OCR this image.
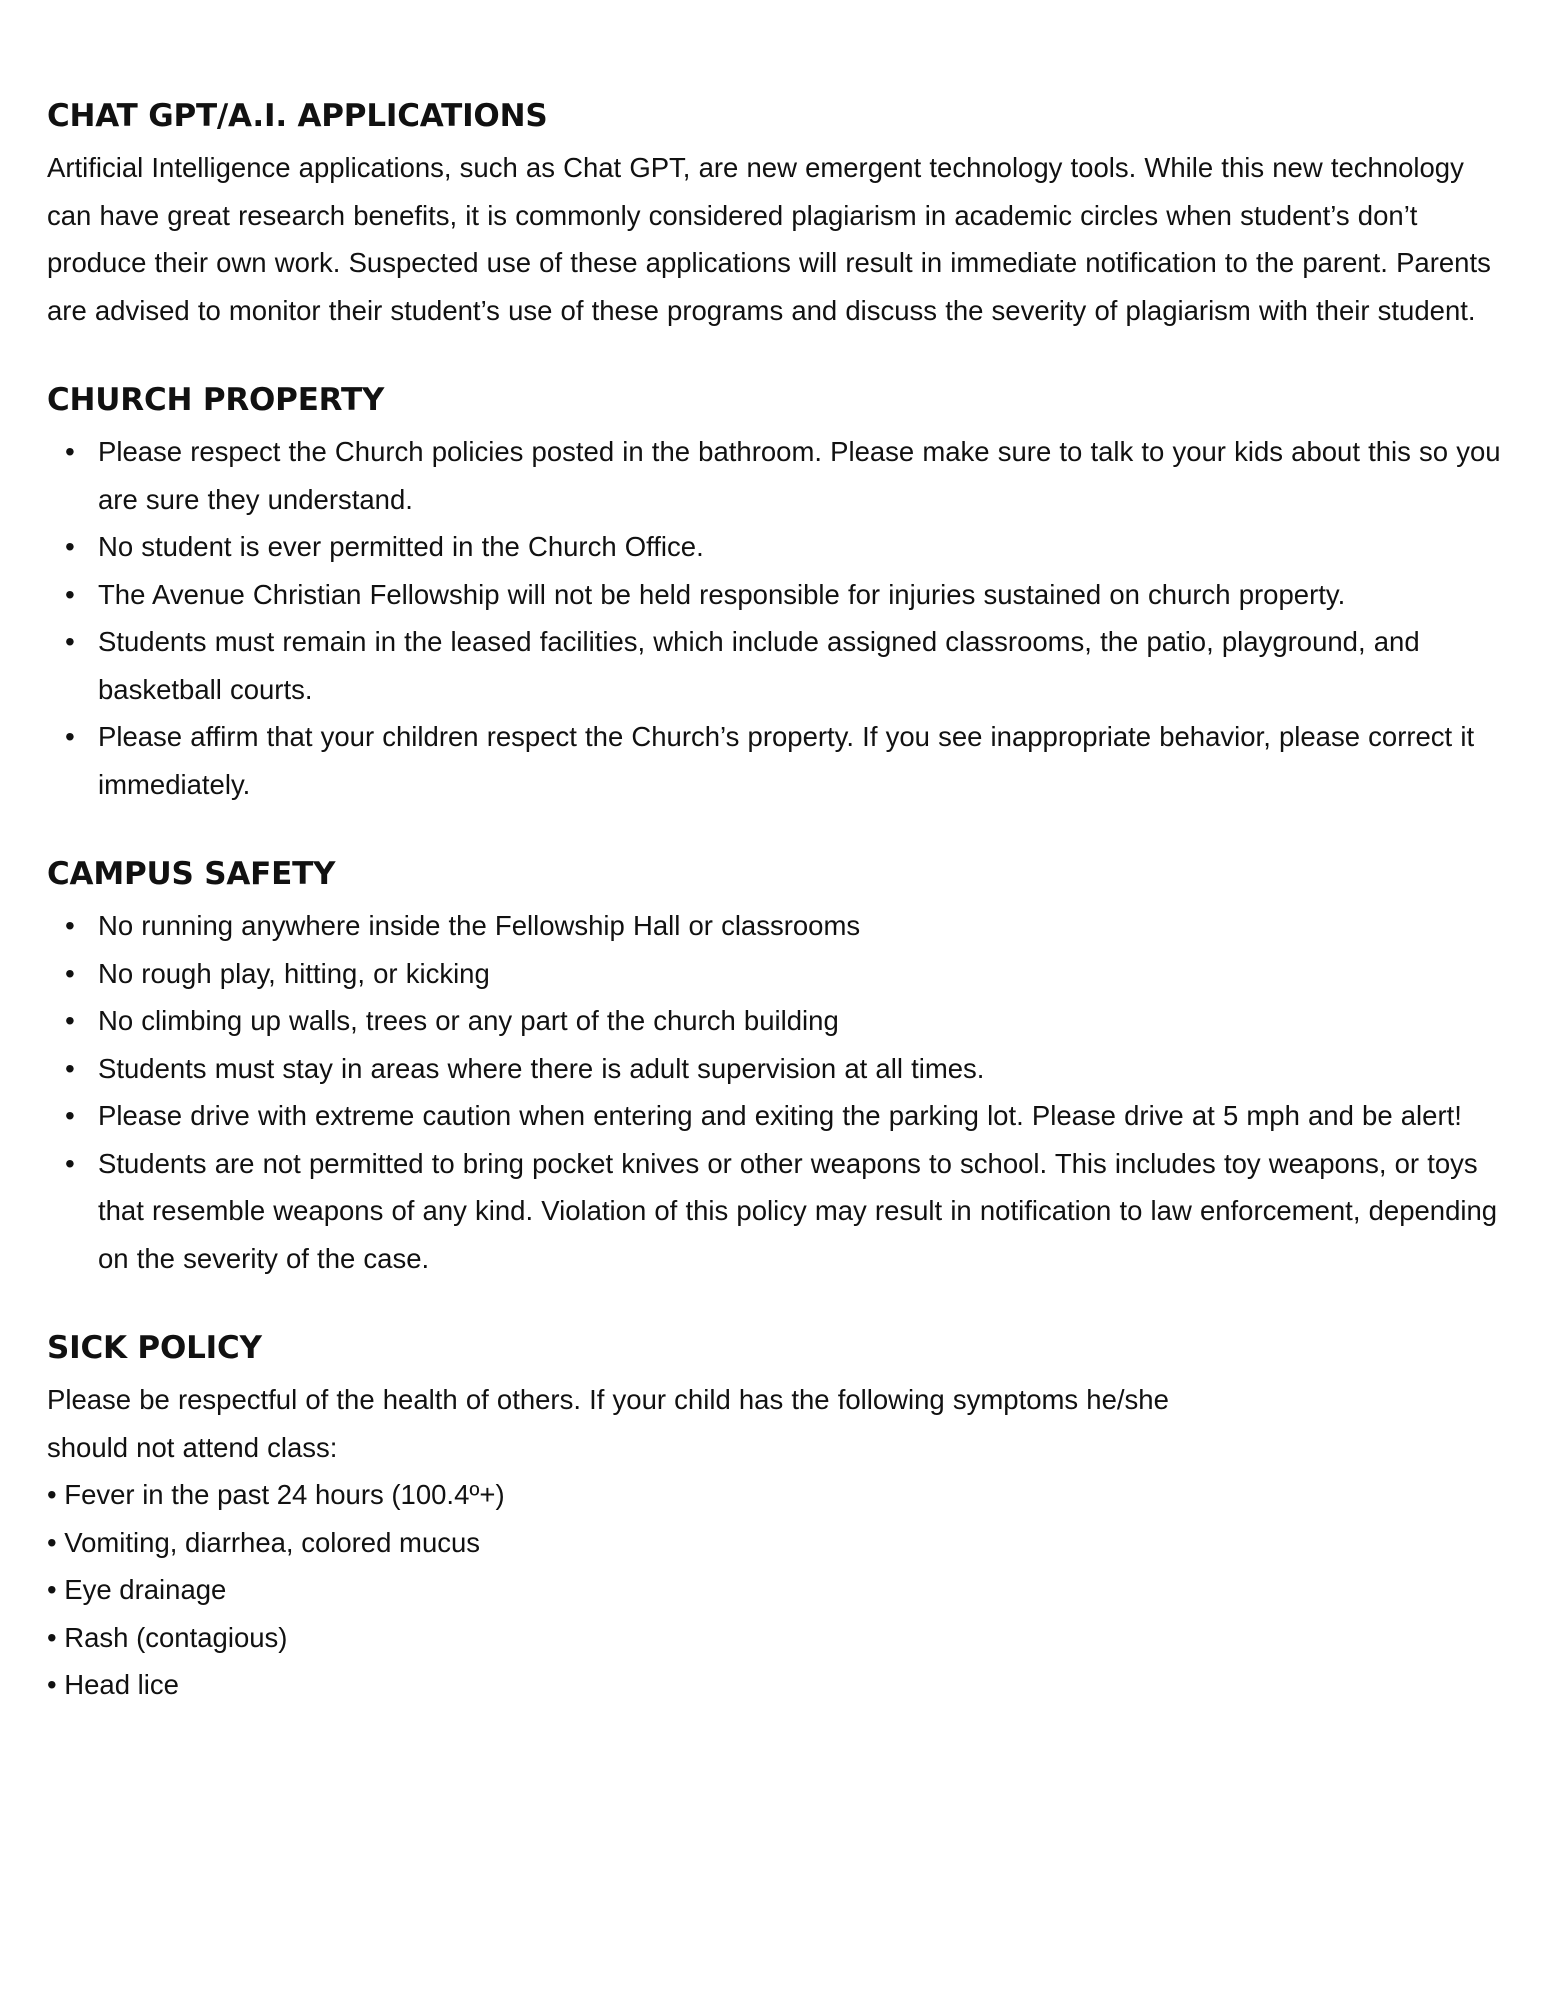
CHAT GPT/A.I. APPLICATIONS

Artificial Intelligence applications, such as Chat GPT, are new emergent technology tools. While this new technology can have great research benefits, it is commonly considered plagiarism in academic circles when student’s don’t produce their own work. Suspected use of these applications will result in immediate notification to the parent. Parents are advised to monitor their student’s use of these programs and discuss the severity of plagiarism with their student.

CHURCH PROPERTY
• Please respect the Church policies posted in the bathroom. Please make sure to talk to your kids about this so you are sure they understand.
• No student is ever permitted in the Church Office.
• The Avenue Christian Fellowship will not be held responsible for injuries sustained on church property.
• Students must remain in the leased facilities, which include assigned classrooms, the patio, playground, and basketball courts.
• Please affirm that your children respect the Church’s property. If you see inappropriate behavior, please correct it immediately.
CAMPUS SAFETY
• No running anywhere inside the Fellowship Hall or classrooms
• No rough play, hitting, or kicking
• No climbing up walls, trees or any part of the church building
• Students must stay in areas where there is adult supervision at all times.
• Please drive with extreme caution when entering and exiting the parking lot. Please drive at 5 mph and be alert!
• Students are not permitted to bring pocket knives or other weapons to school. This includes toy weapons, or toys that resemble weapons of any kind. Violation of this policy may result in notification to law enforcement, depending on the severity of the case.
SICK POLICY

Please be respectful of the health of others. If your child has the following symptoms he/she

should not attend class:

• Fever in the past 24 hours (100.4º+)
• Vomiting, diarrhea, colored mucus
• Eye drainage
• Rash (contagious)
• Head lice
